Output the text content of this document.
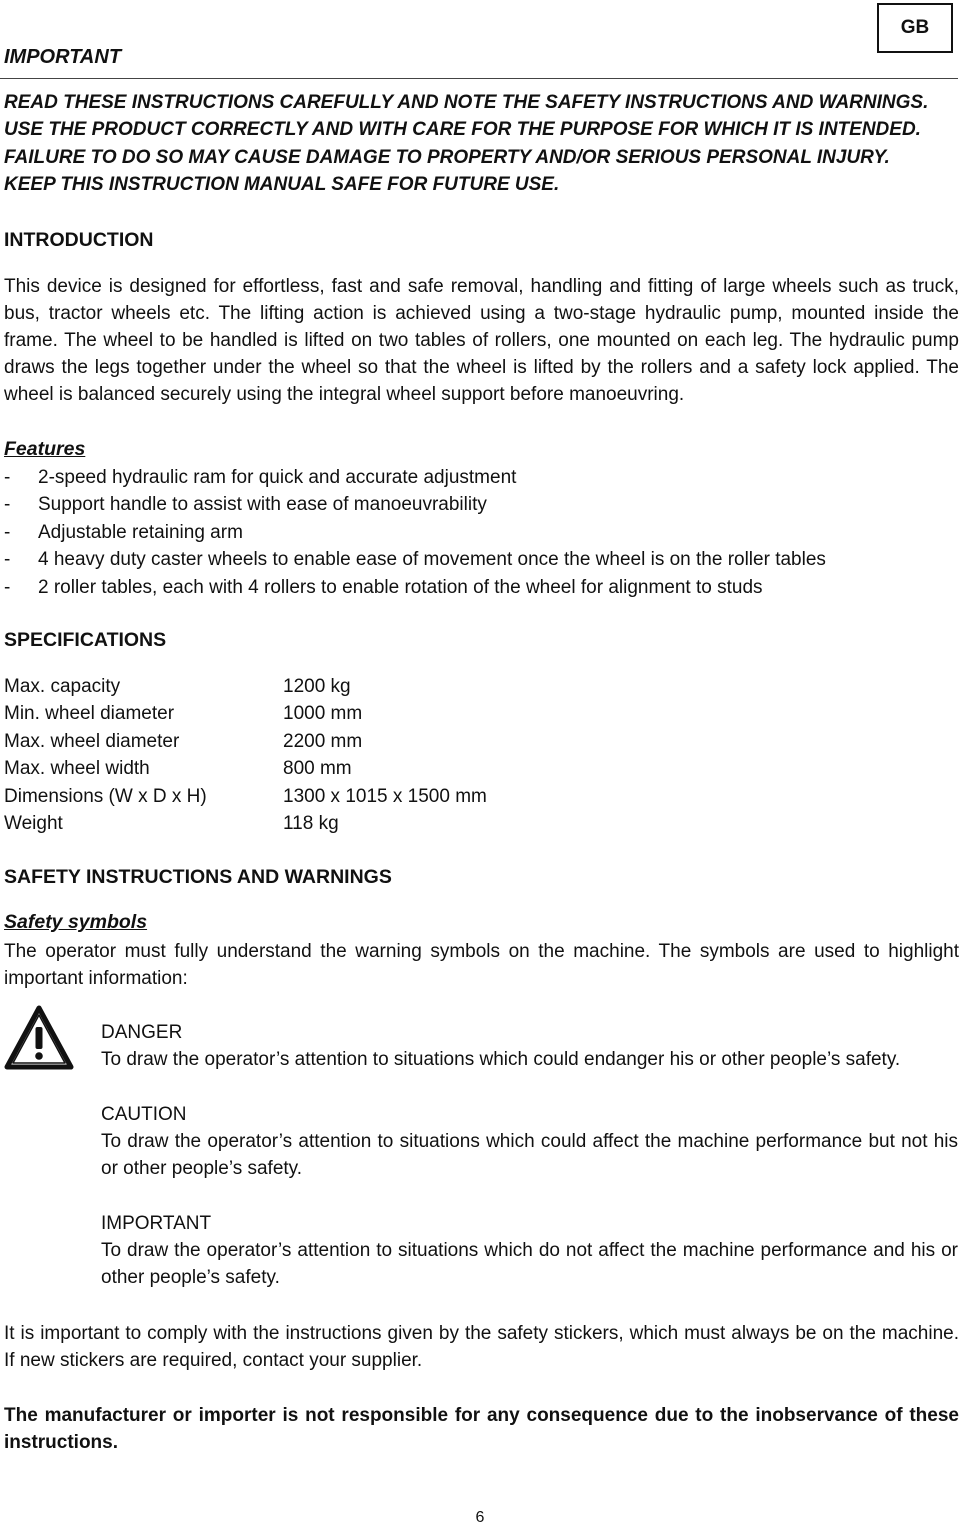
GB
IMPORTANT
READ THESE INSTRUCTIONS CAREFULLY AND NOTE THE SAFETY INSTRUCTIONS AND WARNINGS.
USE THE PRODUCT CORRECTLY AND WITH CARE FOR THE PURPOSE FOR WHICH IT IS INTENDED.
FAILURE TO DO SO MAY CAUSE DAMAGE TO PROPERTY AND/OR SERIOUS PERSONAL INJURY.
KEEP THIS INSTRUCTION MANUAL SAFE FOR FUTURE USE.
INTRODUCTION
This device is designed for effortless, fast and safe removal, handling and fitting of large wheels such as truck, bus, tractor wheels etc. The lifting action is achieved using a two-stage hydraulic pump, mounted inside the frame. The wheel to be handled is lifted on two tables of rollers, one mounted on each leg. The hydraulic pump draws the legs together under the wheel so that the wheel is lifted by the rollers and a safety lock applied. The wheel is balanced securely using the integral wheel support before manoeuvring.
Features
-	2-speed hydraulic ram for quick and accurate adjustment
-	Support handle to assist with ease of manoeuvrability
-	Adjustable retaining arm
-	4 heavy duty caster wheels to enable ease of movement once the wheel is on the roller tables
-	2 roller tables, each with 4 rollers to enable rotation of the wheel for alignment to studs
SPECIFICATIONS
Max. capacity	1200 kg
Min. wheel diameter	1000 mm
Max. wheel diameter	2200 mm
Max. wheel width	800 mm
Dimensions (W x D x H)	1300 x 1015 x 1500 mm
Weight	118 kg
SAFETY INSTRUCTIONS AND WARNINGS
Safety symbols
The operator must fully understand the warning symbols on the machine. The symbols are used to highlight important information:
DANGER
To draw the operator’s attention to situations which could endanger his or other people’s safety.
CAUTION
To draw the operator’s attention to situations which could affect the machine performance but not his or other people’s safety.
IMPORTANT
To draw the operator’s attention to situations which do not affect the machine performance and his or other people’s safety.
It is important to comply with the instructions given by the safety stickers, which must always be on the machine. If new stickers are required, contact your supplier.
The manufacturer or importer is not responsible for any consequence due to the inobservance of these instructions.
6
